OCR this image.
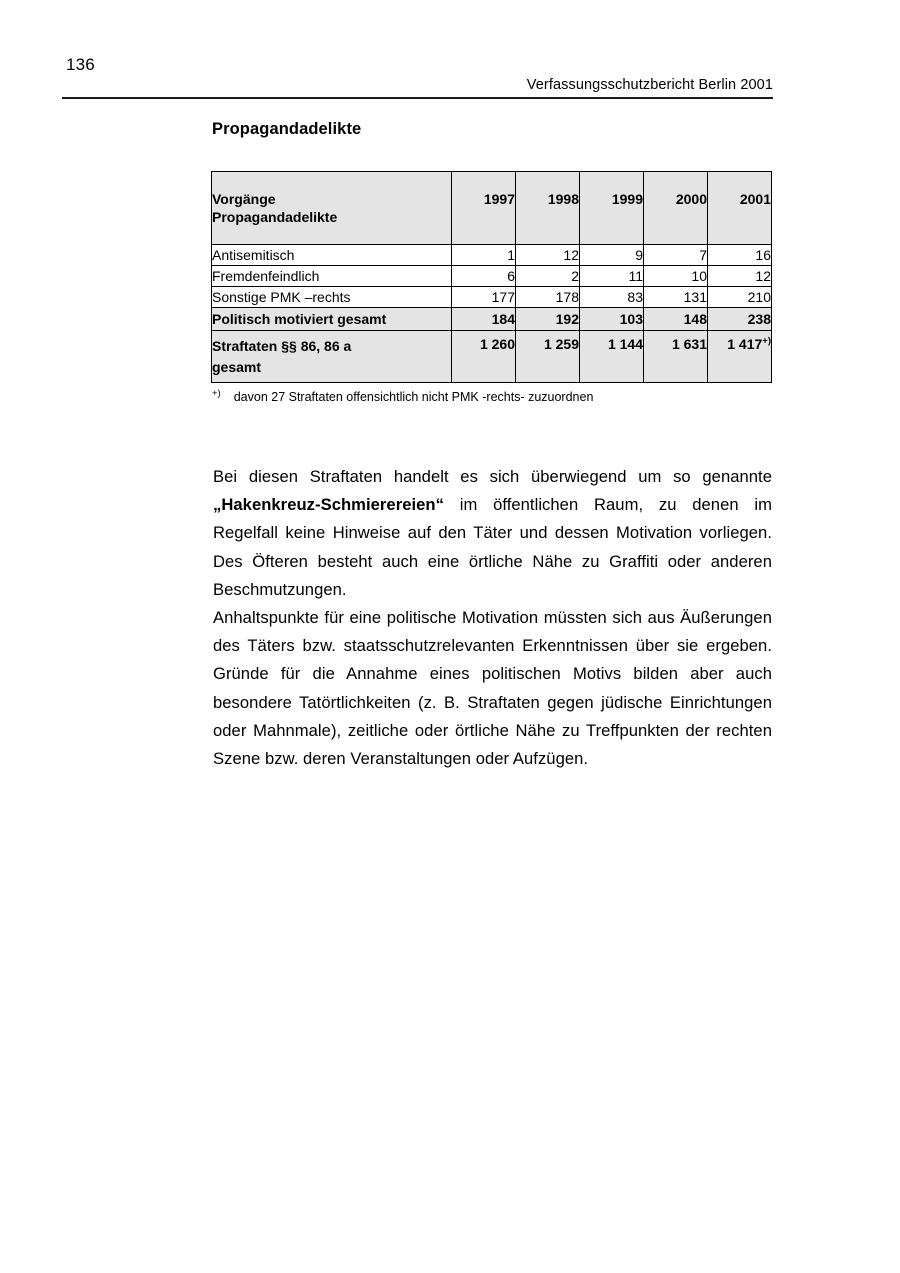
136
Verfassungsschutzbericht Berlin 2001
Propagandadelikte
Vorgänge
Propagandadelikte	1997	1998	1999	2000	2001
Antisemitisch	1	12	9	7	16
Fremdenfeindlich	6	2	11	10	12
Sonstige PMK –rechts	177	178	83	131	210
Politisch motiviert gesamt	184	192	103	148	238

Straftaten §§ 86, 86 a
gesamt	1 260	1 259	1 144	1 631	1 417+)
+) davon 27 Straftaten offensichtlich nicht PMK -rechts- zuzuordnen

Bei diesen Straftaten handelt es sich überwiegend um so genannte „Hakenkreuz-Schmierereien“ im öffentlichen Raum, zu denen im Regelfall keine Hinweise auf den Täter und dessen Motivation vorliegen. Des Öfteren besteht auch eine örtliche Nähe zu Graffiti oder anderen Beschmutzungen.

Anhaltspunkte für eine politische Motivation müssten sich aus Äußerungen des Täters bzw. staatsschutzrelevanten Erkenntnissen über sie ergeben. Gründe für die Annahme eines politischen Motivs bilden aber auch besondere Tatörtlichkeiten (z. B. Straftaten gegen jüdische Einrichtungen oder Mahnmale), zeitliche oder örtliche Nähe zu Treffpunkten der rechten Szene bzw. deren Veranstaltungen oder Aufzügen.
